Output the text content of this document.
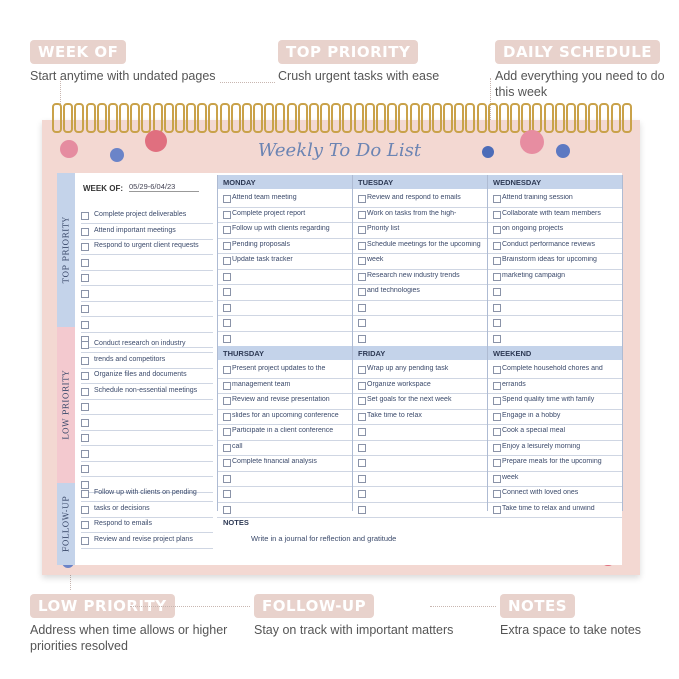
WEEK OF
Start anytime with undated pages
TOP PRIORITY
Crush urgent tasks with ease
DAILY SCHEDULE
Add everything you need to do this week
LOW PRIORITY
Address when time allows or higher priorities resolved
FOLLOW-UP
Stay on track with important matters
NOTES
Extra space to take notes
Weekly To Do List
TOP PRIORITY
LOW PRIORITY
FOLLOW-UP
WEEK OF: 05/29-6/04/23
Complete project deliverables
Attend important meetings
Respond to urgent client requests
Conduct research on industry
trends and competitors
Organize files and documents
Schedule non-essential meetings
Follow up with clients on pending
tasks or decisions
Respond to emails
Review and revise project plans
MONDAY
Attend team meeting
Complete project report
Follow up with clients regarding
Pending proposals
Update task tracker
TUESDAY
Review and respond to emails
Work on tasks from the high-
Priority list
Schedule meetings for the upcoming
week
Research new industry trends
and technologies
WEDNESDAY
Attend training session
Collaborate with team members
on ongoing projects
Conduct performance reviews
Brainstorm ideas for upcoming
marketing campaign
THURSDAY
Present project updates to the
management team
Review and revise presentation
slides for an upcoming conference
Participate in a client conference
call
Complete financial analysis
FRIDAY
Wrap up any pending task
Organize workspace
Set goals for the next week
Take time to relax
WEEKEND
Complete household chores and
errands
Spend quality time with family
Engage in a hobby
Cook a special meal
Enjoy a leisurely morning
Prepare meals for the upcoming
week
Connect with loved ones
Take time to relax and unwind
NOTES
Write in a journal for reflection and gratitude
